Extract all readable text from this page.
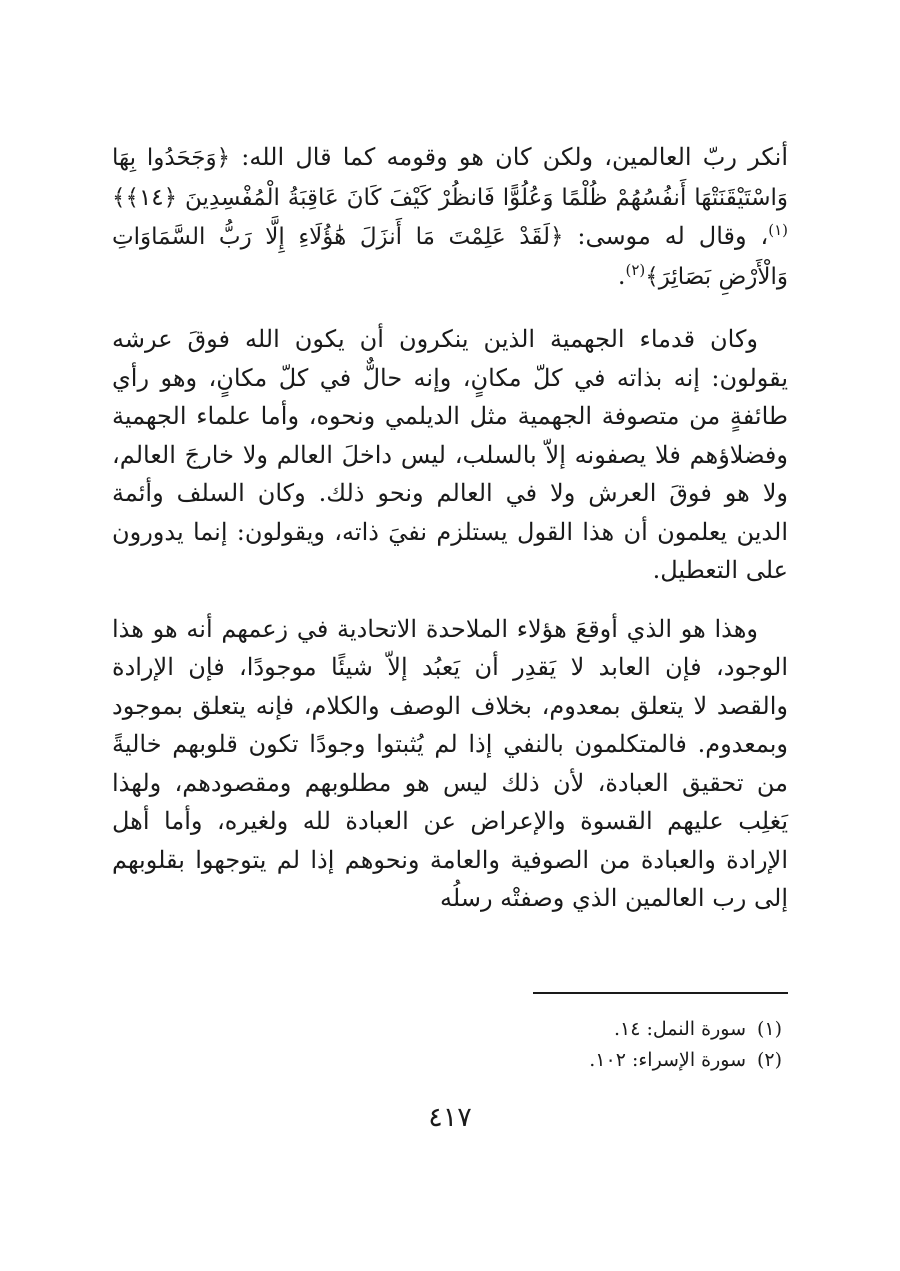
أنكر ربّ العالمين، ولكن كان هو وقومه كما قال الله: ﴿وَجَحَدُوا بِهَا وَاسْتَيْقَنَتْهَا أَنفُسُهُمْ ظُلْمًا وَعُلُوًّا فَانظُرْ كَيْفَ كَانَ عَاقِبَةُ الْمُفْسِدِينَ ﴿١٤﴾﴾$^{(١)}$، وقال له موسى: ﴿لَقَدْ عَلِمْتَ مَا أَنزَلَ هَٰؤُلَاءِ إِلَّا رَبُّ السَّمَاوَاتِ وَالْأَرْضِ بَصَائِرَ﴾$^{(٢)}$.

وكان قدماء الجهمية الذين ينكرون أن يكون الله فوقَ عرشه يقولون: إنه بذاته في كلّ مكانٍ، وإنه حالٌّ في كلّ مكانٍ، وهو رأي طائفةٍ من متصوفة الجهمية مثل الديلمي ونحوه، وأما علماء الجهمية وفضلاؤهم فلا يصفونه إلاّ بالسلب، ليس داخلَ العالم ولا خارجَ العالم، ولا هو فوقَ العرش ولا في العالم ونحو ذلك. وكان السلف وأئمة الدين يعلمون أن هذا القول يستلزم نفيَ ذاته، ويقولون: إنما يدورون على التعطيل.

وهذا هو الذي أوقعَ هؤلاء الملاحدة الاتحادية في زعمهم أنه هو هذا الوجود، فإن العابد لا يَقدِر أن يَعبُد إلاّ شيئًا موجودًا، فإن الإرادة والقصد لا يتعلق بمعدوم، بخلاف الوصف والكلام، فإنه يتعلق بموجود وبمعدوم. فالمتكلمون بالنفي إذا لم يُثبتوا وجودًا تكون قلوبهم خاليةً من تحقيق العبادة، لأن ذلك ليس هو مطلوبهم ومقصودهم، ولهذا يَغلِب عليهم القسوة والإعراض عن العبادة لله ولغيره، وأما أهل الإرادة والعبادة من الصوفية والعامة ونحوهم إذا لم يتوجهوا بقلوبهم إلى رب العالمين الذي وصفتْه رسلُه

(١)سورة النمل: ١٤.
(٢)سورة الإسراء: ١٠٢.
٤١٧
